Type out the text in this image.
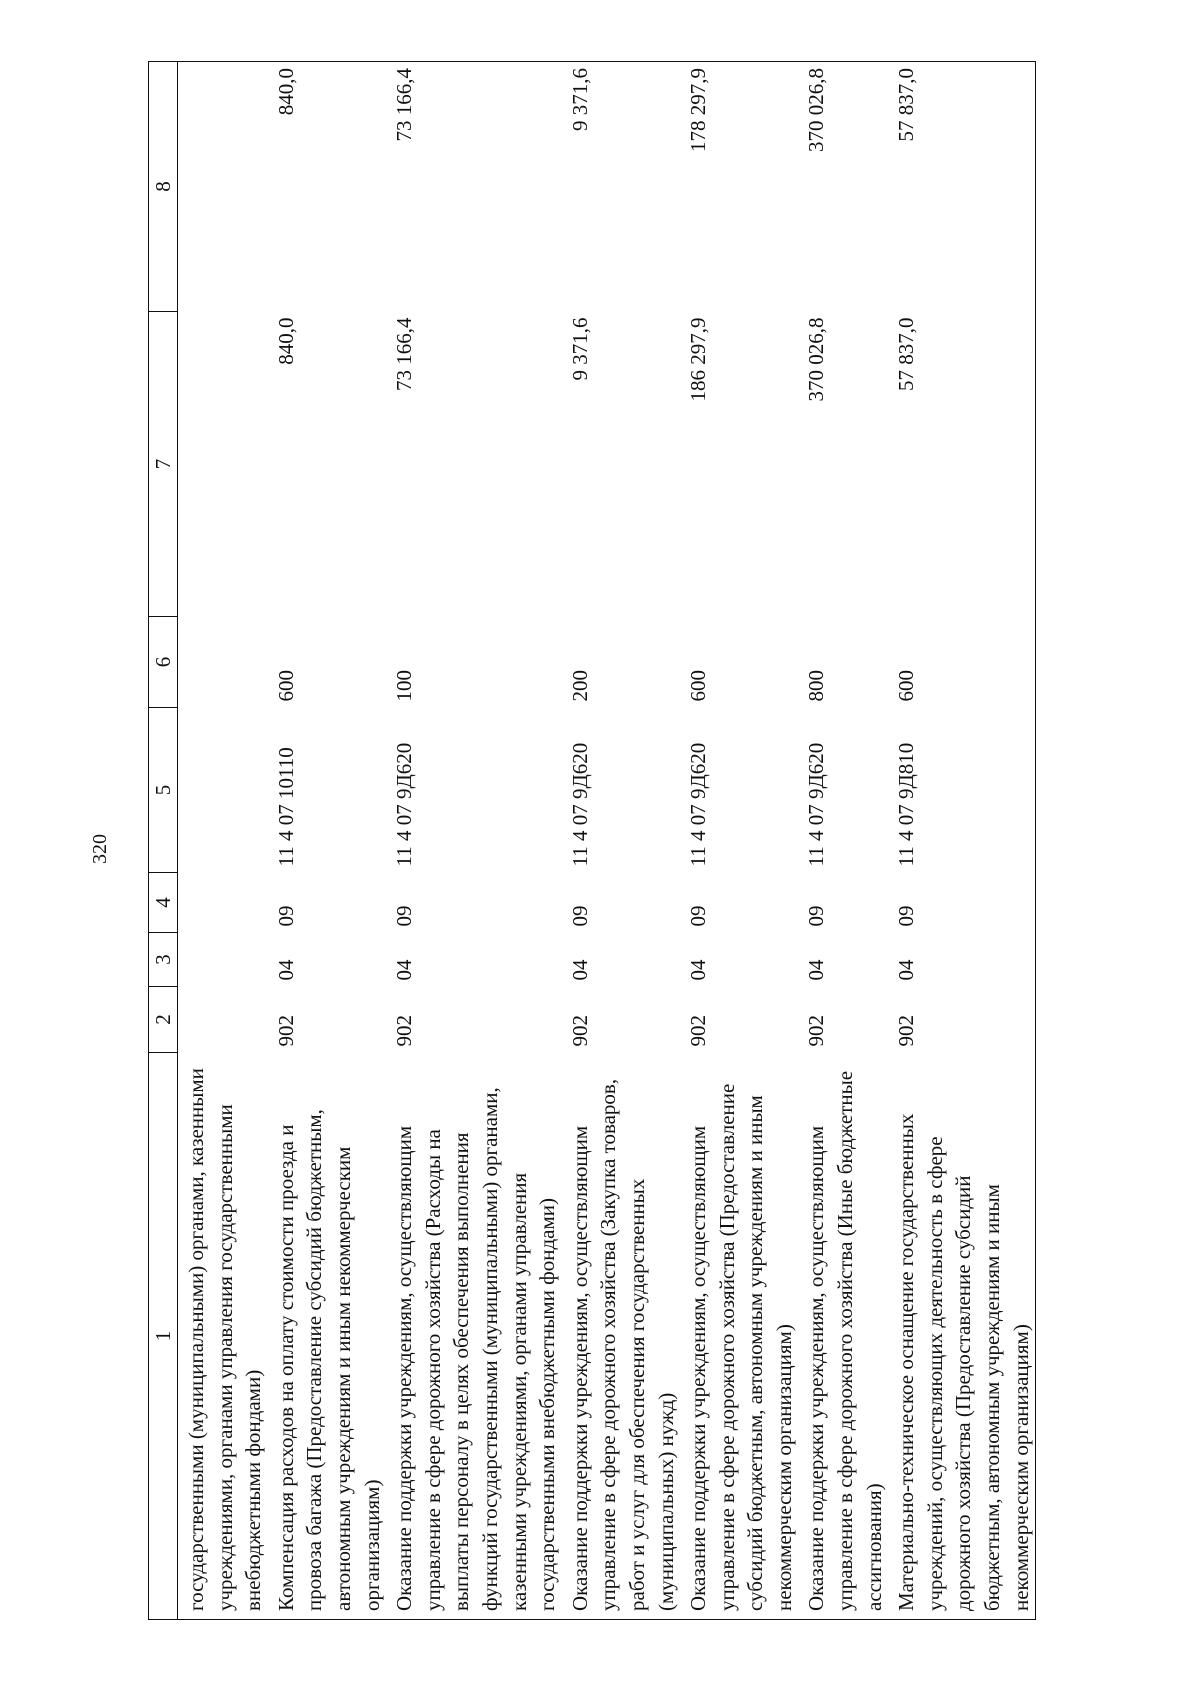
320
1	2	3	4	5	6	7	8
государственными (муниципальными) органами, казенными учреждениями, органами управления государственными внебюджетными фондами)							
Компенсация расходов на оплату стоимости проезда и провоза багажа (Предоставление субсидий бюджетным, автономным учреждениям и иным некоммерческим организациям)	902	04	09	11 4 07 10110	600	840,0	840,0
Оказание поддержки учреждениям, осуществляющим управление в сфере дорожного хозяйства (Расходы на выплаты персоналу в целях обеспечения выполнения функций государственными (муниципальными) органами, казенными учреждениями, органами управления государственными внебюджетными фондами)	902	04	09	11 4 07 9Д620	100	73 166,4	73 166,4
Оказание поддержки учреждениям, осуществляющим управление в сфере дорожного хозяйства (Закупка товаров, работ и услуг для обеспечения государственных (муниципальных) нужд)	902	04	09	11 4 07 9Д620	200	9 371,6	9 371,6
Оказание поддержки учреждениям, осуществляющим управление в сфере дорожного хозяйства (Предоставление субсидий бюджетным, автономным учреждениям и иным некоммерческим организациям)	902	04	09	11 4 07 9Д620	600	186 297,9	178 297,9
Оказание поддержки учреждениям, осуществляющим управление в сфере дорожного хозяйства (Иные бюджетные ассигнования)	902	04	09	11 4 07 9Д620	800	370 026,8	370 026,8
Материально-техническое оснащение государственных учреждений, осуществляющих деятельность в сфере дорожного хозяйства (Предоставление субсидий бюджетным, автономным учреждениям и иным некоммерческим организациям)	902	04	09	11 4 07 9Д810	600	57 837,0	57 837,0
